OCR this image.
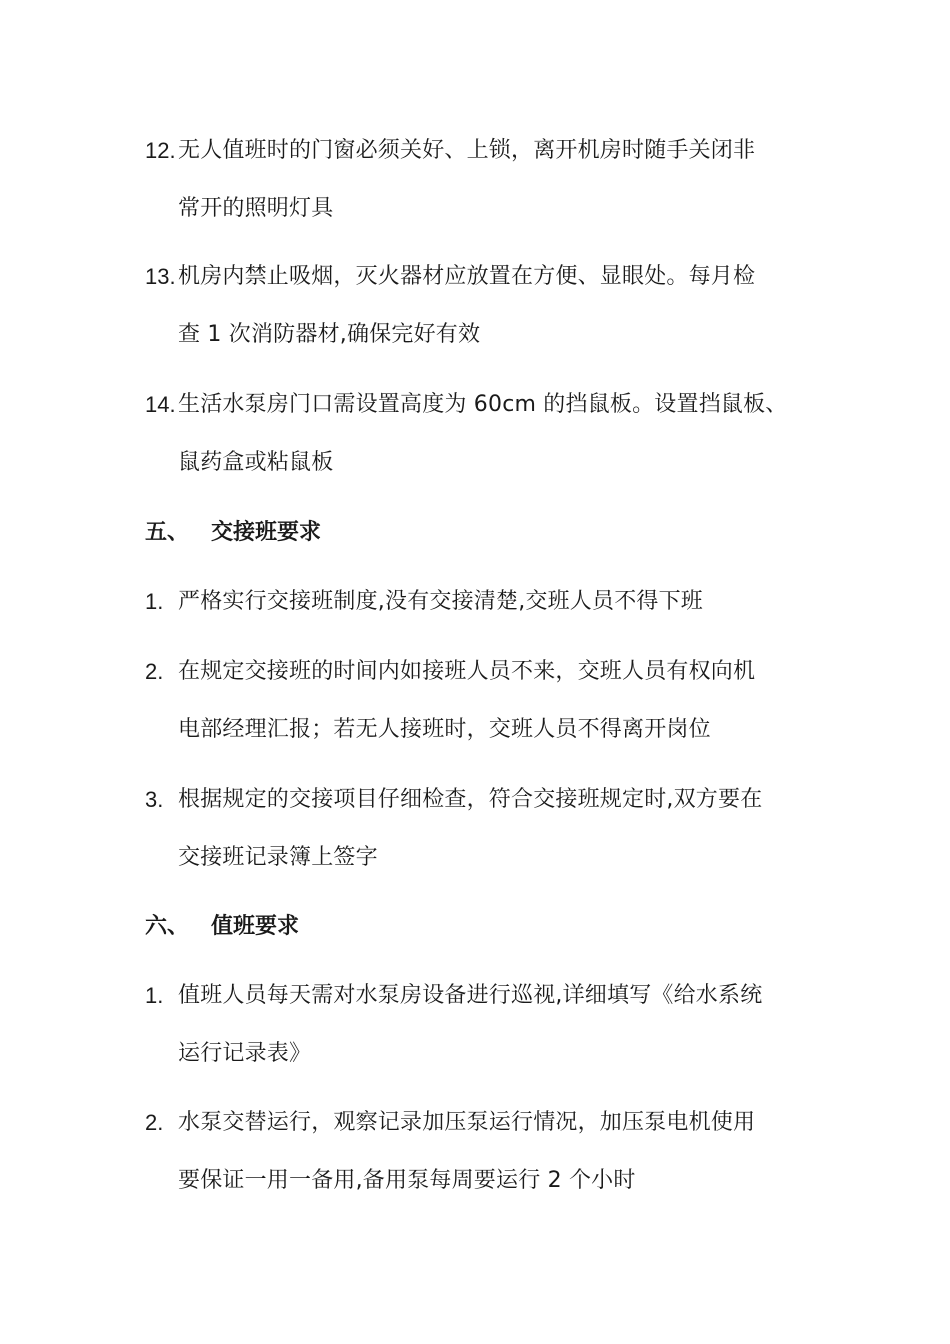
12. 无人值班时的门窗必须关好、上锁，离开机房时随手关闭非
常开的照明灯具
13. 机房内禁止吸烟，灭火器材应放置在方便、显眼处。每月检
查 1 次消防器材,确保完好有效
14. 生活水泵房门口需设置高度为 60cm 的挡鼠板。设置挡鼠板、
鼠药盒或粘鼠板
五、 交接班要求
1. 严格实行交接班制度,没有交接清楚,交班人员不得下班
2. 在规定交接班的时间内如接班人员不来，交班人员有权向机
电部经理汇报；若无人接班时，交班人员不得离开岗位
3. 根据规定的交接项目仔细检查，符合交接班规定时,双方要在
交接班记录簿上签字
六、 值班要求
1. 值班人员每天需对水泵房设备进行巡视,详细填写《给水系统
运行记录表》
2. 水泵交替运行，观察记录加压泵运行情况，加压泵电机使用
要保证一用一备用,备用泵每周要运行 2 个小时
